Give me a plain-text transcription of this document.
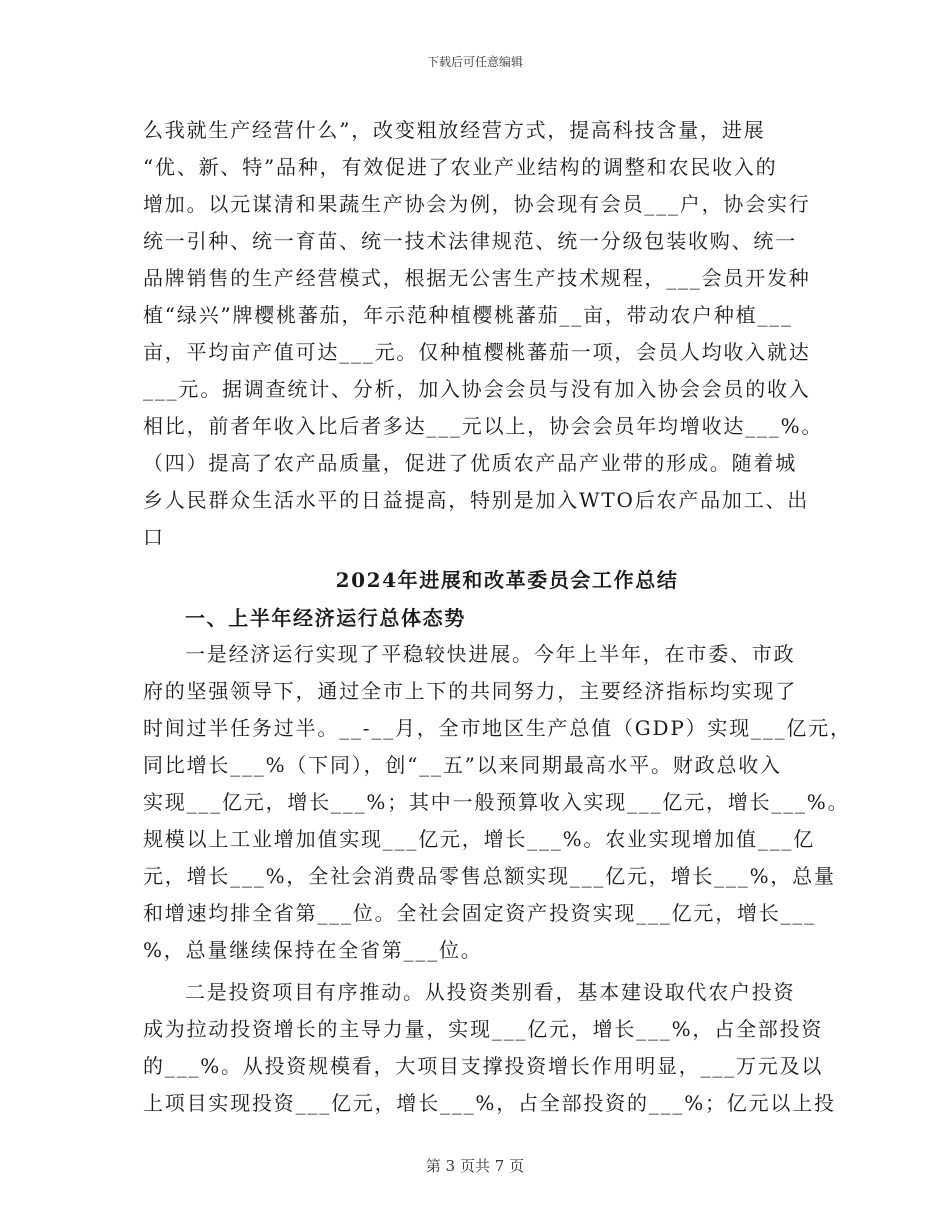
下载后可任意编辑
么我就生产经营什么”，改变粗放经营方式，提高科技含量，进展
“优、新、特”品种，有效促进了农业产业结构的调整和农民收入的
增加。以元谋清和果蔬生产协会为例，协会现有会员___户，协会实行
统一引种、统一育苗、统一技术法律规范、统一分级包装收购、统一
品牌销售的生产经营模式，根据无公害生产技术规程，___会员开发种
植“绿兴”牌樱桃蕃茄，年示范种植樱桃蕃茄__亩，带动农户种植___
亩，平均亩产值可达___元。仅种植樱桃蕃茄一项，会员人均收入就达
___元。据调查统计、分析，加入协会会员与没有加入协会会员的收入
相比，前者年收入比后者多达___元以上，协会会员年均增收达___%。
（四）提高了农产品质量，促进了优质农产品产业带的形成。随着城
乡人民群众生活水平的日益提高，特别是加入WTO后农产品加工、出
口
2024年进展和改革委员会工作总结
一、上半年经济运行总体态势
一是经济运行实现了平稳较快进展。今年上半年，在市委、市政
府的坚强领导下，通过全市上下的共同努力，主要经济指标均实现了
时间过半任务过半。__-__月，全市地区生产总值（GDP）实现___亿元，
同比增长___%（下同），创“__五”以来同期最高水平。财政总收入
实现___亿元，增长___%；其中一般预算收入实现___亿元，增长___%。
规模以上工业增加值实现___亿元，增长___%。农业实现增加值___亿
元，增长___%，全社会消费品零售总额实现___亿元，增长___%，总量
和增速均排全省第___位。全社会固定资产投资实现___亿元，增长___
%，总量继续保持在全省第___位。
二是投资项目有序推动。从投资类别看，基本建设取代农户投资
成为拉动投资增长的主导力量，实现___亿元，增长___%，占全部投资
的___%。从投资规模看，大项目支撑投资增长作用明显，___万元及以
上项目实现投资___亿元，增长___%，占全部投资的___%；亿元以上投
第 3 页共 7 页
